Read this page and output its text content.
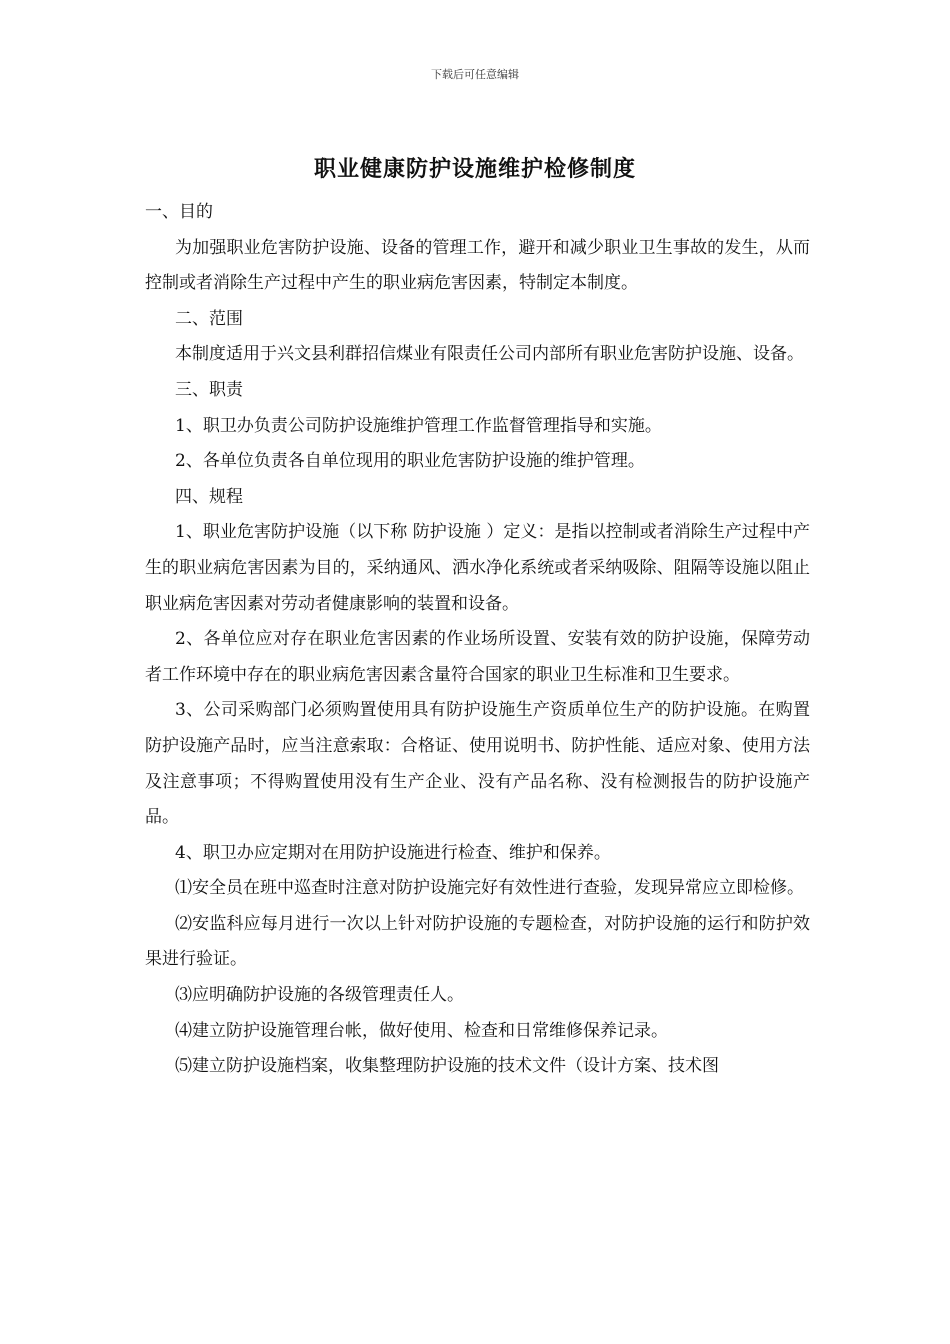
下载后可任意编辑
职业健康防护设施维护检修制度

一、目的

为加强职业危害防护设施、设备的管理工作，避开和减少职业卫生事故的发生，从而控制或者消除生产过程中产生的职业病危害因素，特制定本制度。

二、范围

本制度适用于兴文县利群招信煤业有限责任公司内部所有职业危害防护设施、设备。

三、职责

1、职卫办负责公司防护设施维护管理工作监督管理指导和实施。

2、各单位负责各自单位现用的职业危害防护设施的维护管理。

四、规程

1、职业危害防护设施（以下称 防护设施 ）定义：是指以控制或者消除生产过程中产生的职业病危害因素为目的，采纳通风、洒水净化系统或者采纳吸除、阻隔等设施以阻止职业病危害因素对劳动者健康影响的装置和设备。

2、各单位应对存在职业危害因素的作业场所设置、安装有效的防护设施，保障劳动者工作环境中存在的职业病危害因素含量符合国家的职业卫生标准和卫生要求。

3、公司采购部门必须购置使用具有防护设施生产资质单位生产的防护设施。在购置防护设施产品时，应当注意索取：合格证、使用说明书、防护性能、适应对象、使用方法及注意事项；不得购置使用没有生产企业、没有产品名称、没有检测报告的防护设施产品。

4、职卫办应定期对在用防护设施进行检查、维护和保养。

⑴安全员在班中巡查时注意对防护设施完好有效性进行查验，发现异常应立即检修。

⑵安监科应每月进行一次以上针对防护设施的专题检查，对防护设施的运行和防护效果进行验证。

⑶应明确防护设施的各级管理责任人。

⑷建立防护设施管理台帐，做好使用、检查和日常维修保养记录。

⑸建立防护设施档案，收集整理防护设施的技术文件（设计方案、技术图
